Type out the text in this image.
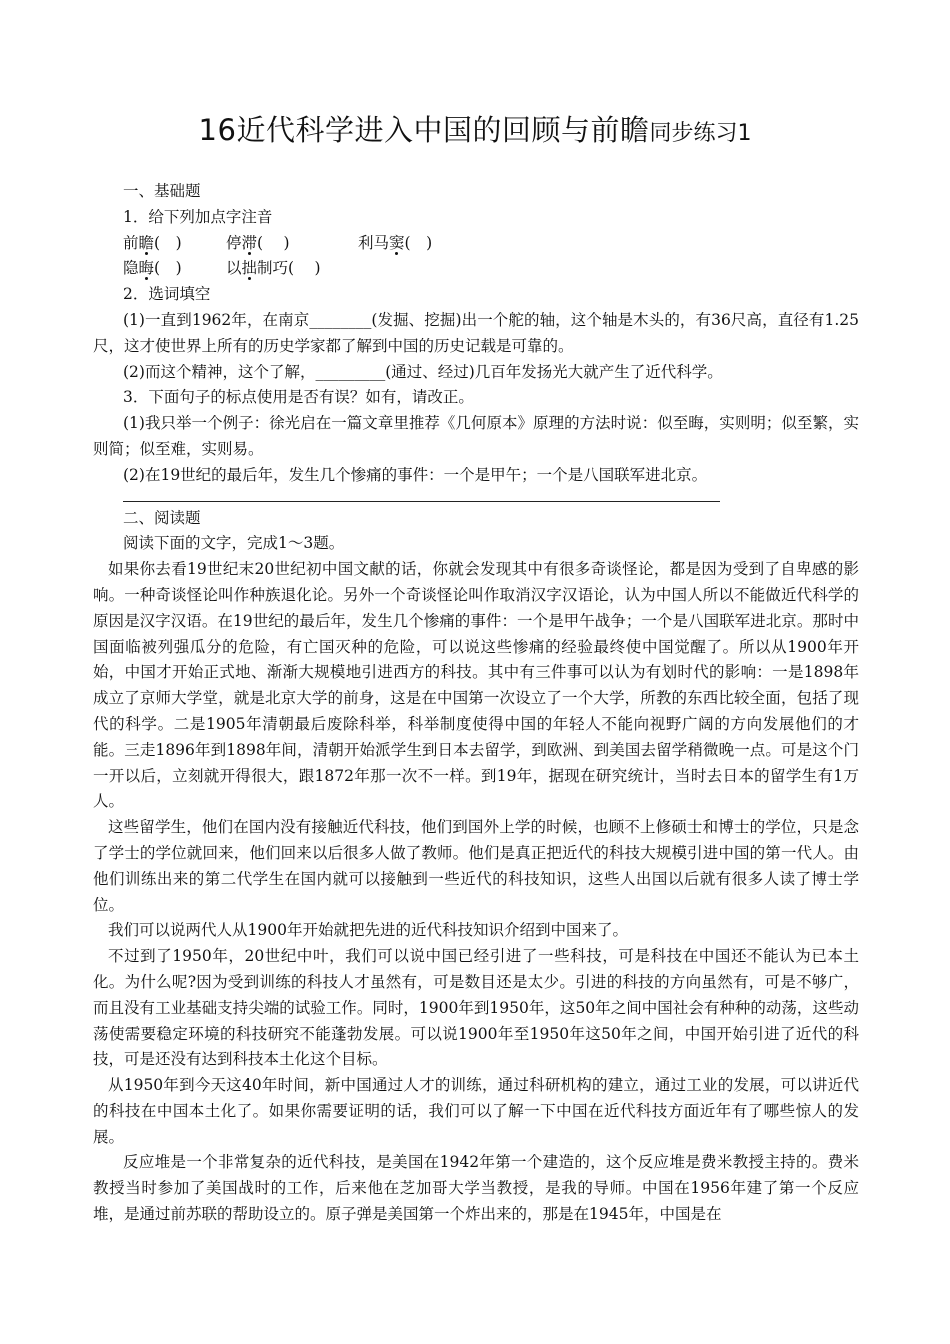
16近代科学进入中国的回顾与前瞻同步练习1
一、基础题
1．给下列加点字注音
前瞻(　)	停滞(　 )	利马窦(　)
隐晦(　)	以拙制巧(　 )
2．选词填空
(1)一直到1962年，在南京________(发掘、挖掘)出一个舵的轴，这个轴是木头的，有36尺高，直径有1.25尺，这才使世界上所有的历史学家都了解到中国的历史记载是可靠的。
(2)而这个精神，这个了解，_________(通过、经过)几百年发扬光大就产生了近代科学。
3．下面句子的标点使用是否有误？如有，请改正。
(1)我只举一个例子：徐光启在一篇文章里推荐《几何原本》原理的方法时说：似至晦，实则明；似至繁，实则简；似至难，实则易。
(2)在19世纪的最后年，发生几个惨痛的事件：一个是甲午；一个是八国联军进北京。
二、阅读题
阅读下面的文字，完成1～3题。
如果你去看19世纪末20世纪初中国文献的话，你就会发现其中有很多奇谈怪论，都是因为受到了自卑感的影响。一种奇谈怪论叫作种族退化论。另外一个奇谈怪论叫作取消汉字汉语论，认为中国人所以不能做近代科学的原因是汉字汉语。在19世纪的最后年，发生几个惨痛的事件：一个是甲午战争；一个是八国联军进北京。那时中国面临被列强瓜分的危险，有亡国灭种的危险，可以说这些惨痛的经验最终使中国觉醒了。所以从1900年开始，中国才开始正式地、渐渐大规模地引进西方的科技。其中有三件事可以认为有划时代的影响：一是1898年成立了京师大学堂，就是北京大学的前身，这是在中国第一次设立了一个大学，所教的东西比较全面，包括了现代的科学。二是1905年清朝最后废除科举，科举制度使得中国的年轻人不能向视野广阔的方向发展他们的才能。三走1896年到1898年间，清朝开始派学生到日本去留学，到欧洲、到美国去留学稍微晚一点。可是这个门一开以后，立刻就开得很大，跟1872年那一次不一样。到19年，据现在研究统计，当时去日本的留学生有1万人。
这些留学生，他们在国内没有接触近代科技，他们到国外上学的时候，也顾不上修硕士和博士的学位，只是念了学士的学位就回来，他们回来以后很多人做了教师。他们是真正把近代的科技大规模引进中国的第一代人。由他们训练出来的第二代学生在国内就可以接触到一些近代的科技知识，这些人出国以后就有很多人读了博士学位。
我们可以说两代人从1900年开始就把先进的近代科技知识介绍到中国来了。
不过到了1950年，20世纪中叶，我们可以说中国已经引进了一些科技，可是科技在中国还不能认为已本土化。为什么呢?因为受到训练的科技人才虽然有，可是数目还是太少。引进的科技的方向虽然有，可是不够广，而且没有工业基础支持尖端的试验工作。同时，1900年到1950年，这50年之间中国社会有种种的动荡，这些动荡使需要稳定环境的科技研究不能蓬勃发展。可以说1900年至1950年这50年之间，中国开始引进了近代的科技，可是还没有达到科技本土化这个目标。
从1950年到今天这40年时间，新中国通过人才的训练，通过科研机构的建立，通过工业的发展，可以讲近代的科技在中国本土化了。如果你需要证明的话，我们可以了解一下中国在近代科技方面近年有了哪些惊人的发展。
反应堆是一个非常复杂的近代科技，是美国在1942年第一个建造的，这个反应堆是费米教授主持的。费米教授当时参加了美国战时的工作，后来他在芝加哥大学当教授，是我的导师。中国在1956年建了第一个反应堆，是通过前苏联的帮助设立的。原子弹是美国第一个炸出来的，那是在1945年，中国是在
